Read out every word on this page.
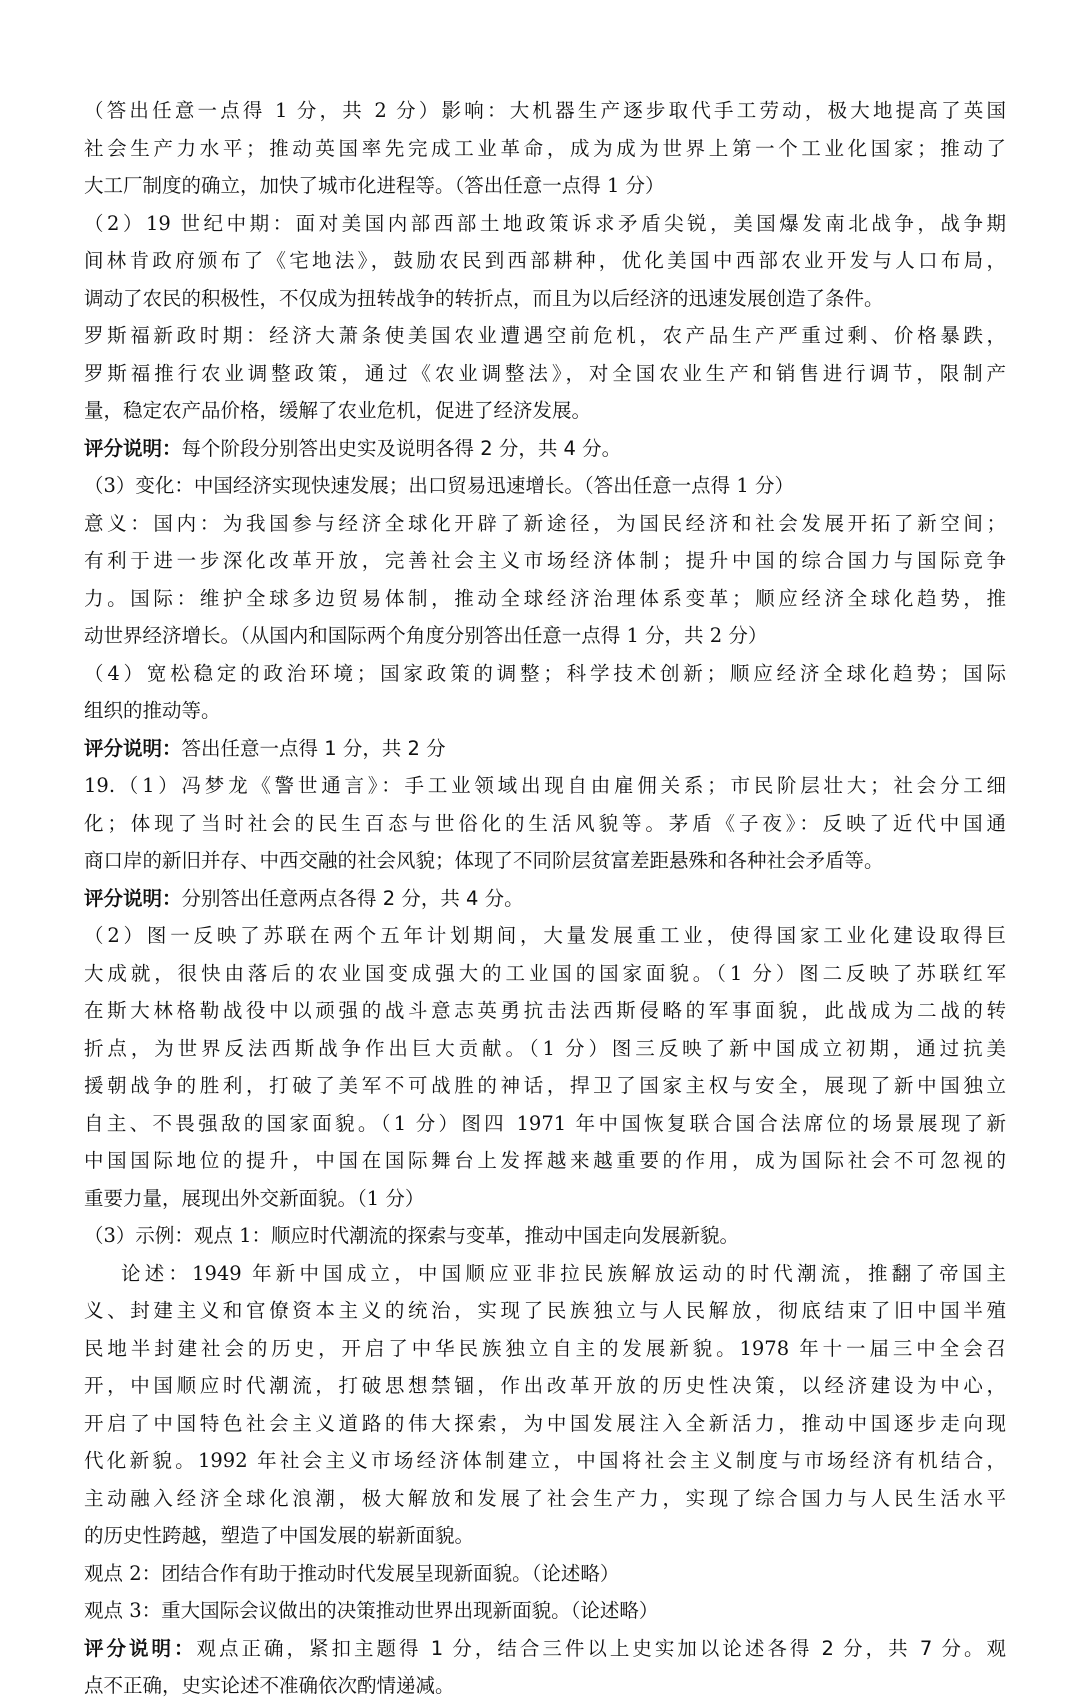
（答出任意一点得 1 分，共 2 分）影响：大机器生产逐步取代手工劳动，极大地提高了英国
社会生产力水平；推动英国率先完成工业革命，成为成为世界上第一个工业化国家；推动了
大工厂制度的确立，加快了城市化进程等。（答出任意一点得 1 分）
（2）19 世纪中期：面对美国内部西部土地政策诉求矛盾尖锐，美国爆发南北战争，战争期
间林肯政府颁布了《宅地法》，鼓励农民到西部耕种，优化美国中西部农业开发与人口布局，
调动了农民的积极性，不仅成为扭转战争的转折点，而且为以后经济的迅速发展创造了条件。
罗斯福新政时期：经济大萧条使美国农业遭遇空前危机，农产品生产严重过剩、价格暴跌，
罗斯福推行农业调整政策，通过《农业调整法》，对全国农业生产和销售进行调节，限制产
量，稳定农产品价格，缓解了农业危机，促进了经济发展。
评分说明：每个阶段分别答出史实及说明各得 2 分，共 4 分。
（3）变化：中国经济实现快速发展；出口贸易迅速增长。（答出任意一点得 1 分）
意义：国内：为我国参与经济全球化开辟了新途径，为国民经济和社会发展开拓了新空间；
有利于进一步深化改革开放，完善社会主义市场经济体制；提升中国的综合国力与国际竞争
力。国际：维护全球多边贸易体制，推动全球经济治理体系变革；顺应经济全球化趋势，推
动世界经济增长。（从国内和国际两个角度分别答出任意一点得 1 分，共 2 分）
（4）宽松稳定的政治环境；国家政策的调整；科学技术创新；顺应经济全球化趋势；国际
组织的推动等。
评分说明：答出任意一点得 1 分，共 2 分
19.（1）冯梦龙《警世通言》：手工业领域出现自由雇佣关系；市民阶层壮大；社会分工细
化；体现了当时社会的民生百态与世俗化的生活风貌等。茅盾《子夜》：反映了近代中国通
商口岸的新旧并存、中西交融的社会风貌；体现了不同阶层贫富差距悬殊和各种社会矛盾等。
评分说明：分别答出任意两点各得 2 分，共 4 分。
（2）图一反映了苏联在两个五年计划期间，大量发展重工业，使得国家工业化建设取得巨
大成就，很快由落后的农业国变成强大的工业国的国家面貌。（1 分）图二反映了苏联红军
在斯大林格勒战役中以顽强的战斗意志英勇抗击法西斯侵略的军事面貌，此战成为二战的转
折点，为世界反法西斯战争作出巨大贡献。（1 分）图三反映了新中国成立初期，通过抗美
援朝战争的胜利，打破了美军不可战胜的神话，捍卫了国家主权与安全，展现了新中国独立
自主、不畏强敌的国家面貌。（1 分）图四 1971 年中国恢复联合国合法席位的场景展现了新
中国国际地位的提升，中国在国际舞台上发挥越来越重要的作用，成为国际社会不可忽视的
重要力量，展现出外交新面貌。（1 分）
（3）示例：观点 1：顺应时代潮流的探索与变革，推动中国走向发展新貌。
论述：1949 年新中国成立，中国顺应亚非拉民族解放运动的时代潮流，推翻了帝国主
义、封建主义和官僚资本主义的统治，实现了民族独立与人民解放，彻底结束了旧中国半殖
民地半封建社会的历史，开启了中华民族独立自主的发展新貌。1978 年十一届三中全会召
开，中国顺应时代潮流，打破思想禁锢，作出改革开放的历史性决策，以经济建设为中心，
开启了中国特色社会主义道路的伟大探索，为中国发展注入全新活力，推动中国逐步走向现
代化新貌。1992 年社会主义市场经济体制建立，中国将社会主义制度与市场经济有机结合，
主动融入经济全球化浪潮，极大解放和发展了社会生产力，实现了综合国力与人民生活水平
的历史性跨越，塑造了中国发展的崭新面貌。
观点 2：团结合作有助于推动时代发展呈现新面貌。（论述略）
观点 3：重大国际会议做出的决策推动世界出现新面貌。（论述略）
评分说明：观点正确，紧扣主题得 1 分，结合三件以上史实加以论述各得 2 分，共 7 分。观
点不正确，史实论述不准确依次酌情递减。
